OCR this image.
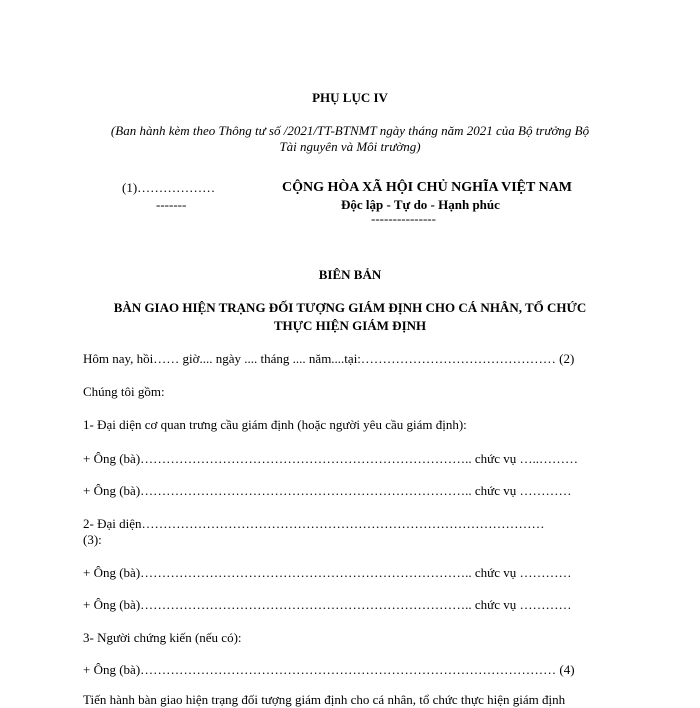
PHỤ LỤC IV
(Ban hành kèm theo Thông tư số /2021/TT-BTNMT ngày tháng năm 2021 của Bộ trưởng Bộ
Tài nguyên và Môi trường)
(1)………………
-------
CỘNG HÒA XÃ HỘI CHỦ NGHĨA VIỆT NAM
Độc lập - Tự do - Hạnh phúc
---------------
BIÊN BẢN
BÀN GIAO HIỆN TRẠNG ĐỐI TƯỢNG GIÁM ĐỊNH CHO CÁ NHÂN, TỔ CHỨC
THỰC HIỆN GIÁM ĐỊNH
Hôm nay, hồi…… giờ.... ngày .... tháng .... năm....tại:……………………………………… (2)
Chúng tôi gồm:
1- Đại diện cơ quan trưng cầu giám định (hoặc người yêu cầu giám định):
+ Ông (bà)………………………………………………………………….. chức vụ …..………
+ Ông (bà)………………………………………………………………….. chức vụ …………
2- Đại diện…………………………………………………………………………………
(3):
+ Ông (bà)………………………………………………………………….. chức vụ …………
+ Ông (bà)………………………………………………………………….. chức vụ …………
3- Người chứng kiến (nếu có):
+ Ông (bà)…………………………………………………………………………………… (4)
Tiến hành bàn giao hiện trạng đối tượng giám định cho cá nhân, tổ chức thực hiện giám định
